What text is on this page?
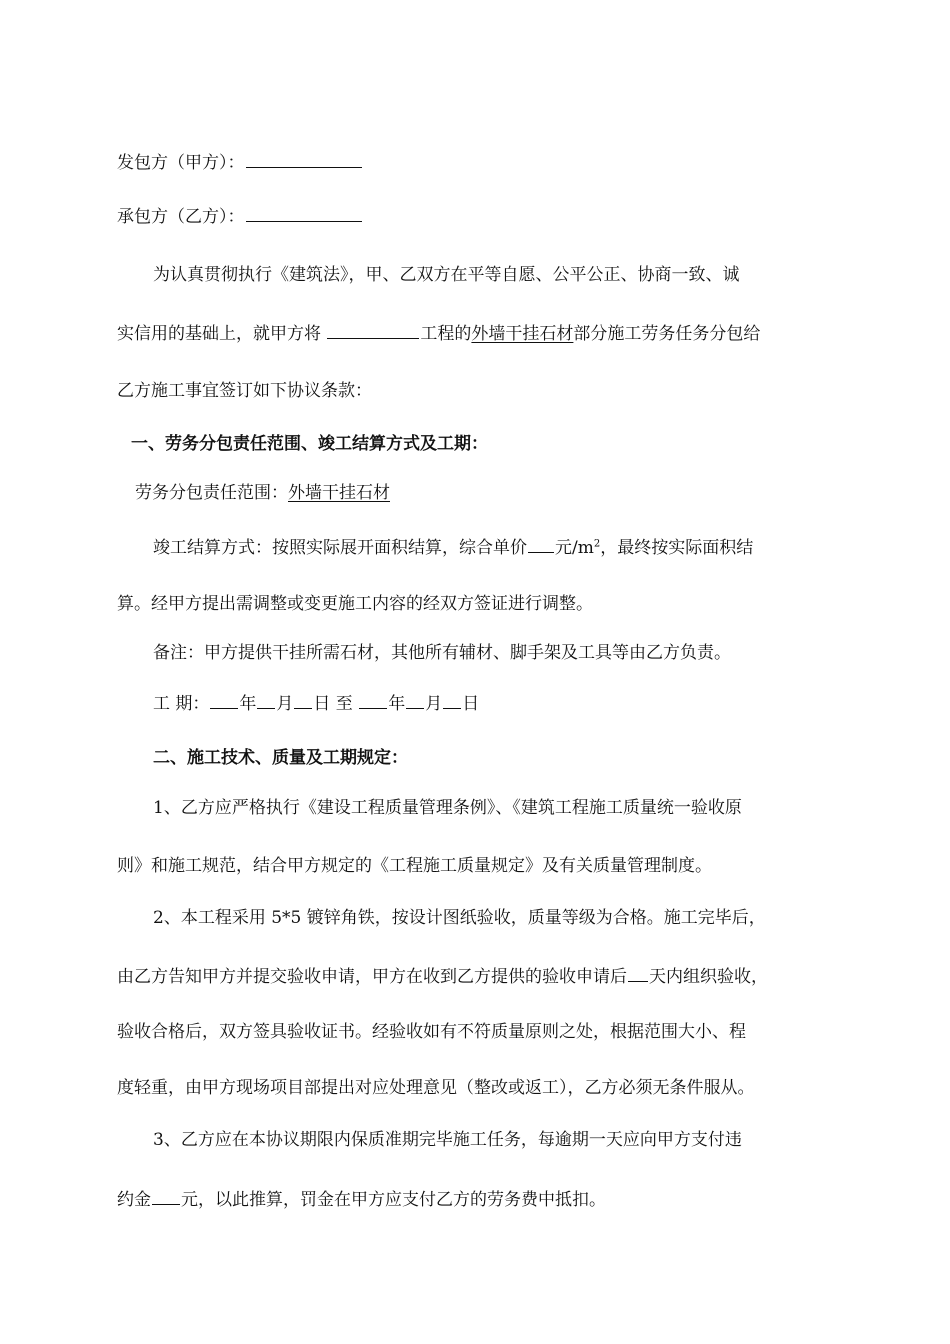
发包方（甲方）：
承包方（乙方）：
为认真贯彻执行《建筑法》，甲、乙双方在平等自愿、公平公正、协商一致、诚
实信用的基础上，就甲方将	工程的外墙干挂石材部分施工劳务任务分包给
乙方施工事宜签订如下协议条款：
一、劳务分包责任范围、竣工结算方式及工期：
劳务分包责任范围：外墙干挂石材
竣工结算方式：按照实际展开面积结算，综合单价 元$/m^2$，最终按实际面积结
算。经甲方提出需调整或变更施工内容的经双方签证进行调整。
备注：甲方提供干挂所需石材，其他所有辅材、脚手架及工具等由乙方负责。
工 期： 年 月 日 至 年 月 日
二、施工技术、质量及工期规定：
1、乙方应严格执行《建设工程质量管理条例》、《建筑工程施工质量统一验收原
则》和施工规范，结合甲方规定的《工程施工质量规定》及有关质量管理制度。
2、本工程采用 5*5 镀锌角铁，按设计图纸验收，质量等级为合格。施工完毕后，
由乙方告知甲方并提交验收申请，甲方在收到乙方提供的验收申请后 天内组织验收，
验收合格后，双方签具验收证书。经验收如有不符质量原则之处，根据范围大小、程
度轻重，由甲方现场项目部提出对应处理意见（整改或返工），乙方必须无条件服从。
3、乙方应在本协议期限内保质准期完毕施工任务，每逾期一天应向甲方支付违
约金 元，以此推算，罚金在甲方应支付乙方的劳务费中抵扣。
